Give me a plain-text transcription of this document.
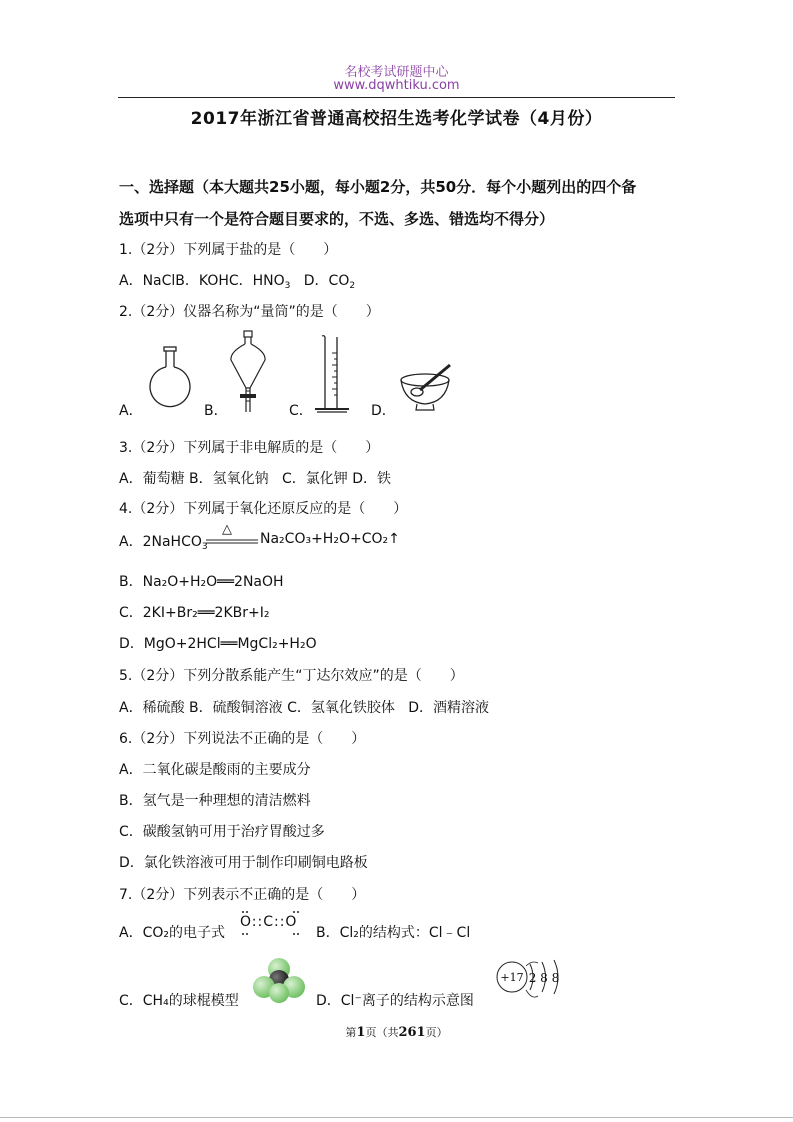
名校考试研题中心
www.dqwhtiku.com
2017年浙江省普通高校招生选考化学试卷（4月份）
一、选择题（本大题共25小题，每小题2分，共50分．每个小题列出的四个备
选项中只有一个是符合题目要求的，不选、多选、错选均不得分）
1.（2分）下列属于盐的是（　　）
A．NaClB．KOHC．$HNO_3$ D．$CO_2$
2.（2分）仪器名称为“量筒”的是（　　）
A．	B．	C．	D．
3.（2分）下列属于非电解质的是（　　）
A．葡萄糖 B．氢氧化钠 C．氯化钾 D．铁
4.（2分）下列属于氧化还原反应的是（　　）
A．2NaHCO$_3$
△
Na₂CO₃+H₂O+CO₂↑
B．Na₂O+H₂O══2NaOH
C．2KI+Br₂══2KBr+I₂
D．MgO+2HCl══MgCl₂+H₂O
5.（2分）下列分散系能产生“丁达尔效应”的是（　　）
A．稀硫酸 B．硫酸铜溶液 C．氢氧化铁胶体 D．酒精溶液
6.（2分）下列说法不正确的是（　　）
A．二氧化碳是酸雨的主要成分
B．氢气是一种理想的清洁燃料
C．碳酸氢钠可用于治疗胃酸过多
D．氯化铁溶液可用于制作印刷铜电路板
7.（2分）下列表示不正确的是（　　）
A．CO₂的电子式
O::C::O
B．Cl₂的结构式：Cl﹣Cl
C．CH₄的球棍模型	D．Cl⁻离子的结构示意图
+17 2 8 8
第1页（共261页）
